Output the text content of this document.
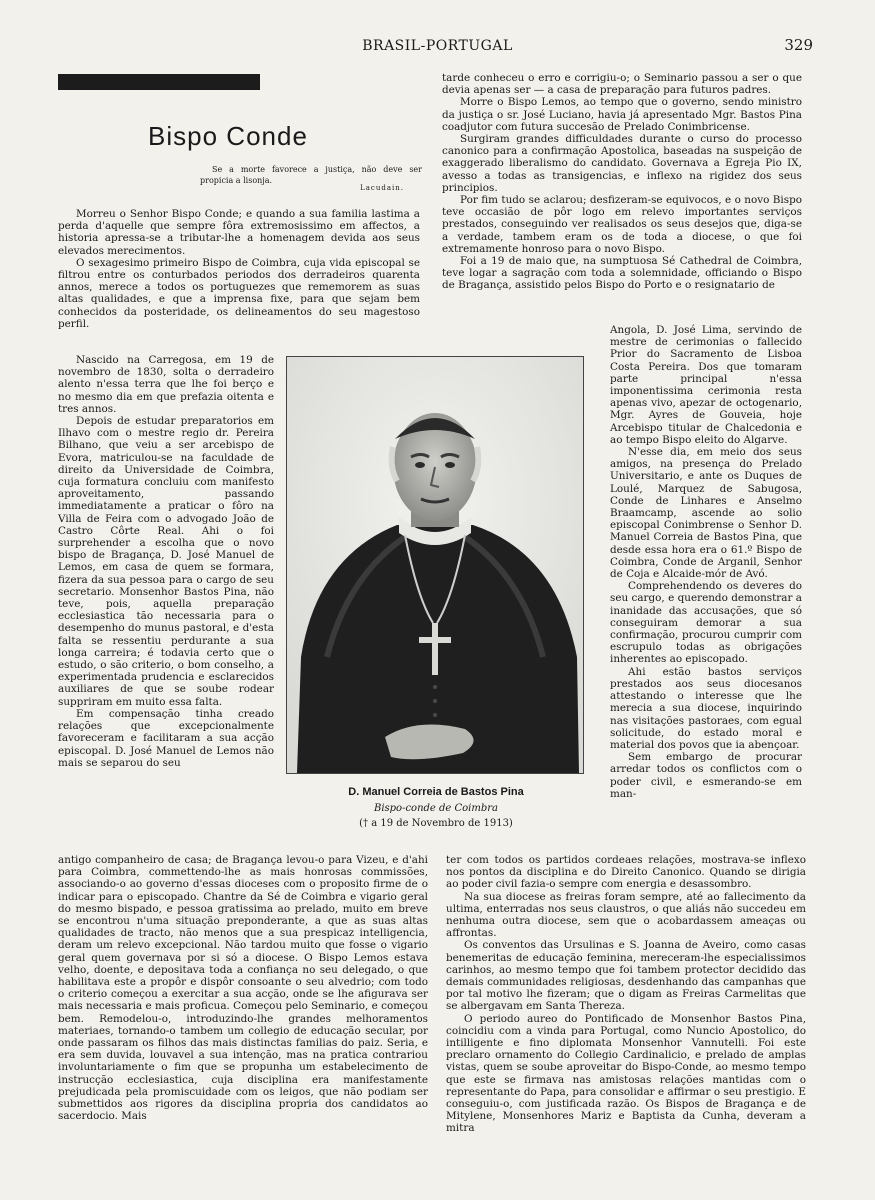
BRASIL-PORTUGAL	329
Bispo Conde
Se a morte favorece a justiça, não deve ser propicia a lisonja.
Lacudain.

Morreu o Senhor Bispo Conde; e quando a sua familia lastima a perda d'aquelle que sempre fôra extremosissimo em affectos, a historia apressa-se a tributar-lhe a homenagem devida aos seus elevados merecimentos.

O sexagesimo primeiro Bispo de Coimbra, cuja vida episcopal se filtrou entre os conturbados periodos dos derradeiros quarenta annos, merece a todos os portuguezes que rememorem as suas altas qualidades, e que a imprensa fixe, para que sejam bem conhecidos da posteridade, os delineamentos do seu magestoso perfil.

Nascido na Carregosa, em 19 de novembro de 1830, solta o derradeiro alento n'essa terra que lhe foi berço e no mesmo dia em que prefazia oitenta e tres annos.

Depois de estudar preparatorios em Ilhavo com o mestre regio dr. Pereira Bilhano, que veiu a ser arcebispo de Evora, matriculou-se na faculdade de direito da Universidade de Coimbra, cuja formatura concluiu com manifesto aproveitamento, passando immediatamente a praticar o fôro na Villa de Feira com o advogado João de Castro Côrte Real. Ahi o foi surprehender a escolha que o novo bispo de Bragança, D. José Manuel de Lemos, em casa de quem se formara, fizera da sua pessoa para o cargo de seu secretario. Monsenhor Bastos Pina, não teve, pois, aquella preparação ecclesiastica tão necessaria para o desempenho do munus pastoral, e d'esta falta se ressentiu perdurante a sua longa carreira; é todavia certo que o estudo, o são criterio, o bom conselho, a experimentada prudencia e esclarecidos auxiliares de que se soube rodear suppriram em muito essa falta.

Em compensação tinha creado relações que excepcionalmente favoreceram e facilitaram a sua acção episcopal. D. José Manuel de Lemos não mais se separou do seu

antigo companheiro de casa; de Bragança levou-o para Vizeu, e d'ahi para Coimbra, commettendo-lhe as mais honrosas commissões, associando-o ao governo d'essas dioceses com o proposito firme de o indicar para o episcopado. Chantre da Sé de Coimbra e vigario geral do mesmo bispado, e pessoa gratissima ao prelado, muito em breve se encontrou n'uma situação preponderante, a que as suas altas qualidades de tracto, não menos que a sua prespicaz intelligencia, deram um relevo excepcional. Não tardou muito que fosse o vigario geral quem governava por si só a diocese. O Bispo Lemos estava velho, doente, e depositava toda a confiança no seu delegado, o que habilitava este a propôr e dispôr consoante o seu alvedrio; com todo o criterio começou a exercitar a sua acção, onde se lhe afigurava ser mais necessaria e mais proficua. Começou pelo Seminario, e começou bem. Remodelou-o, introduzindo-lhe grandes melhoramentos materiaes, tornando-o tambem um collegio de educação secular, por onde passaram os filhos das mais distinctas familias do paiz. Seria, e era sem duvida, louvavel a sua intenção, mas na pratica contrariou involuntariamente o fim que se propunha um estabelecimento de instrucção ecclesiastica, cuja disciplina era manifestamente prejudicada pela promiscuidade com os leigos, que não podiam ser submettidos aos rigores da disciplina propria dos candidatos ao sacerdocio. Mais

tarde conheceu o erro e corrigiu-o; o Seminario passou a ser o que devia apenas ser — a casa de preparação para futuros padres.

Morre o Bispo Lemos, ao tempo que o governo, sendo ministro da justiça o sr. José Luciano, havia já apresentado Mgr. Bastos Pina coadjutor com futura succesão de Prelado Conimbricense.

Surgiram grandes difficuldades durante o curso do processo canonico para a confirmação Apostolica, baseadas na suspeição de exaggerado liberalismo do candidato. Governava a Egreja Pio IX, avesso a todas as transigencias, e inflexo na rigidez dos seus principios.

Por fim tudo se aclarou; desfizeram-se equivocos, e o novo Bispo teve occasião de pôr logo em relevo importantes serviços prestados, conseguindo ver realisados os seus desejos que, diga-se a verdade, tambem eram os de toda a diocese, o que foi extremamente honroso para o novo Bispo.

Foi a 19 de maio que, na sumptuosa Sé Cathedral de Coimbra, teve logar a sagração com toda a solemnidade, officiando o Bispo de Bragança, assistido pelos Bispo do Porto e o resignatario de

Angola, D. José Lima, servindo de mestre de cerimonias o fallecido Prior do Sacramento de Lisboa Costa Pereira. Dos que tomaram parte principal n'essa imponentissima cerimonia resta apenas vivo, apezar de octogenario, Mgr. Ayres de Gouveia, hoje Arcebispo titular de Chalcedonia e ao tempo Bispo eleito do Algarve.

N'esse dia, em meio dos seus amigos, na presença do Prelado Universitario, e ante os Duques de Loulé, Marquez de Sabugosa, Conde de Linhares e Anselmo Braamcamp, ascende ao solio episcopal Conimbrense o Senhor D. Manuel Correia de Bastos Pina, que desde essa hora era o 61.º Bispo de Coimbra, Conde de Arganil, Senhor de Coja e Alcaide-mór de Avó.

Comprehendendo os deveres do seu cargo, e querendo demonstrar a inanidade das accusações, que só conseguiram demorar a sua confirmação, procurou cumprir com escrupulo todas as obrigações inherentes ao episcopado.

Ahi estão bastos serviços prestados aos seus diocesanos attestando o interesse que lhe merecia a sua diocese, inquirindo nas visitações pastoraes, com egual solicitude, do estado moral e material dos povos que ia abençoar.

Sem embargo de procurar arredar todos os conflictos com o poder civil, e esmerando-se em man-

ter com todos os partidos cordeaes relações, mostrava-se inflexo nos pontos da disciplina e do Direito Canonico. Quando se dirigia ao poder civil fazia-o sempre com energia e desassombro.

Na sua diocese as freiras foram sempre, até ao fallecimento da ultima, enterradas nos seus claustros, o que aliás não succedeu em nenhuma outra diocese, sem que o acobardassem ameaças ou affrontas.

Os conventos das Ursulinas e S. Joanna de Aveiro, como casas benemeritas de educação feminina, mereceram-lhe especialissimos carinhos, ao mesmo tempo que foi tambem protector decidido das demais communidades religiosas, desdenhando das campanhas que por tal motivo lhe fizeram; que o digam as Freiras Carmelitas que se albergavam em Santa Thereza.

O periodo aureo do Pontificado de Monsenhor Bastos Pina, coincidiu com a vinda para Portugal, como Nuncio Apostolico, do intilligente e fino diplomata Monsenhor Vannutelli. Foi este preclaro ornamento do Collegio Cardinalicio, e prelado de amplas vistas, quem se soube aproveitar do Bispo-Conde, ao mesmo tempo que este se firmava nas amistosas relações mantidas com o representante do Papa, para consolidar e affirmar o seu prestigio. E conseguiu-o, com justificada razão. Os Bispos de Bragança e de Mitylene, Monsenhores Mariz e Baptista da Cunha, deveram a mitra

D. Manuel Correia de Bastos Pina
Bispo-conde de Coimbra
(† a 19 de Novembro de 1913)
